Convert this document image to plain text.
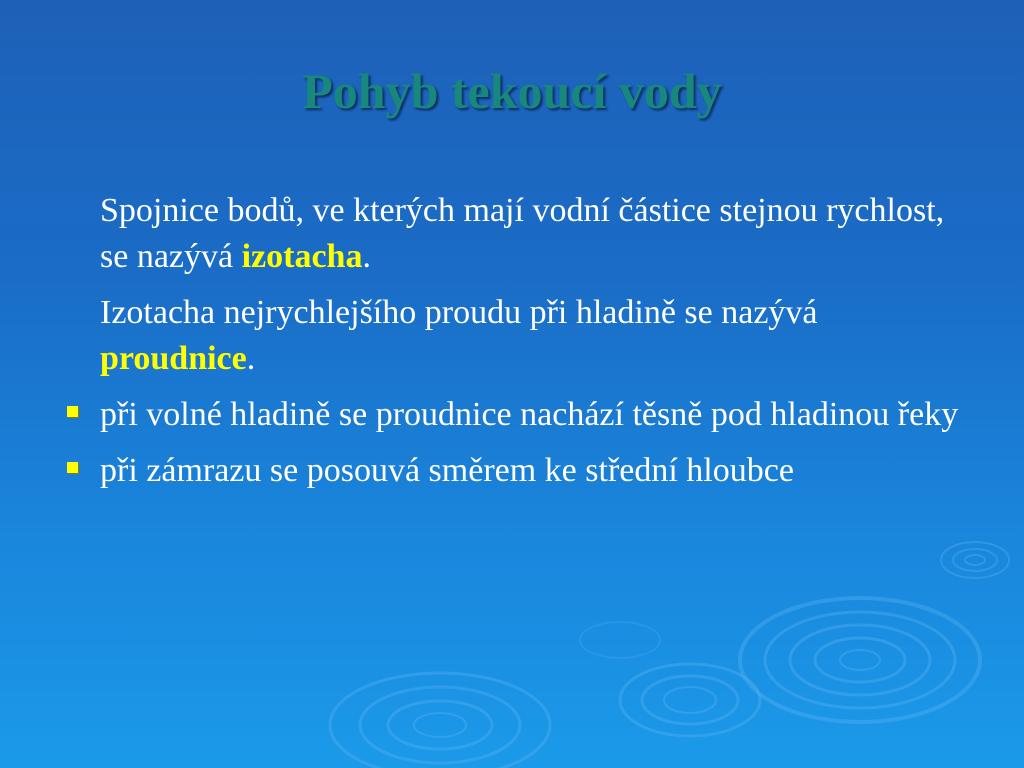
Pohyb tekoucí vody

Spojnice bodů, ve kterých mají vodní částice stejnou rychlost, se nazývá izotacha.

Izotacha nejrychlejšího proudu při hladině se nazývá proudnice.

při volné hladině se proudnice nachází těsně pod hladinou řeky

při zámrazu se posouvá směrem ke střední hloubce
